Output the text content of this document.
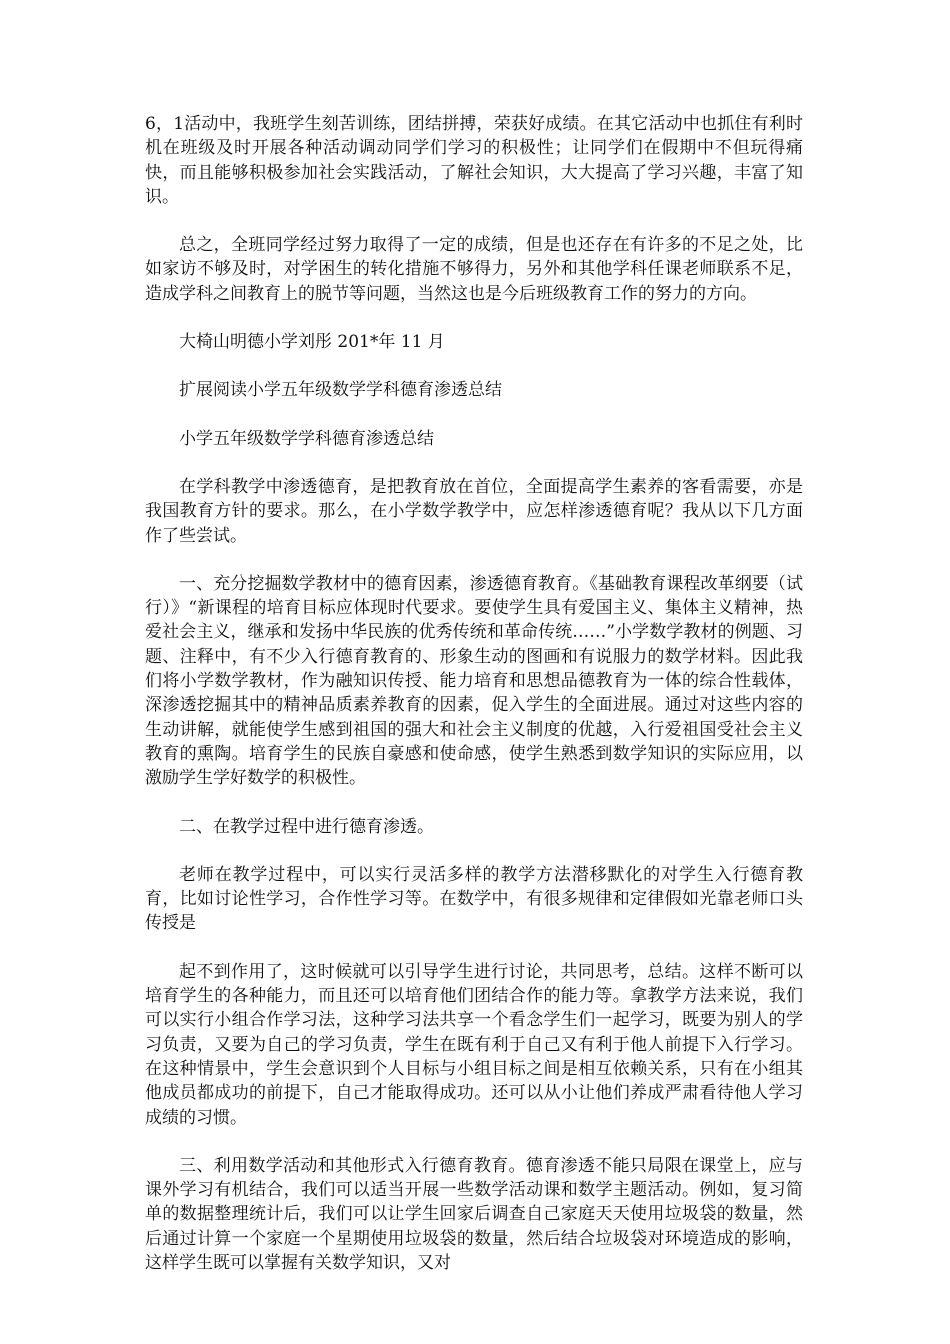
6，1活动中，我班学生刻苦训练，团结拼搏，荣获好成绩。在其它活动中也抓住有利时机在班级及时开展各种活动调动同学们学习的积极性；让同学们在假期中不但玩得痛快，而且能够积极参加社会实践活动，了解社会知识，大大提高了学习兴趣，丰富了知识。

总之，全班同学经过努力取得了一定的成绩，但是也还存在有许多的不足之处，比如家访不够及时，对学困生的转化措施不够得力，另外和其他学科任课老师联系不足，造成学科之间教育上的脱节等问题，当然这也是今后班级教育工作的努力的方向。

大椅山明德小学刘彤 201*年 11 月

扩展阅读小学五年级数学学科德育渗透总结

小学五年级数学学科德育渗透总结

在学科教学中渗透德育，是把教育放在首位，全面提高学生素养的客看需要，亦是我国教育方针的要求。那么，在小学数学教学中，应怎样渗透德育呢？我从以下几方面作了些尝试。

一、充分挖掘数学教材中的德育因素，渗透德育教育。《基础教育课程改革纲要（试行）》“新课程的培育目标应体现时代要求。要使学生具有爱国主义、集体主义精神，热爱社会主义，继承和发扬中华民族的优秀传统和革命传统……”小学数学教材的例题、习题、注释中，有不少入行德育教育的、形象生动的图画和有说服力的数学材料。因此我们将小学数学教材，作为融知识传授、能力培育和思想品德教育为一体的综合性载体，深渗透挖掘其中的精神品质素养教育的因素，促入学生的全面进展。通过对这些内容的生动讲解，就能使学生感到祖国的强大和社会主义制度的优越，入行爱祖国受社会主义教育的熏陶。培育学生的民族自豪感和使命感，使学生熟悉到数学知识的实际应用，以激励学生学好数学的积极性。

二、在教学过程中进行德育渗透。

老师在教学过程中，可以实行灵活多样的教学方法潜移默化的对学生入行德育教育，比如讨论性学习，合作性学习等。在数学中，有很多规律和定律假如光靠老师口头传授是

起不到作用了，这时候就可以引导学生进行讨论，共同思考，总结。这样不断可以培育学生的各种能力，而且还可以培育他们团结合作的能力等。拿教学方法来说，我们可以实行小组合作学习法，这种学习法共享一个看念学生们一起学习，既要为别人的学习负责，又要为自己的学习负责，学生在既有利于自己又有利于他人前提下入行学习。在这种情景中，学生会意识到个人目标与小组目标之间是相互依赖关系，只有在小组其他成员都成功的前提下，自己才能取得成功。还可以从小让他们养成严肃看待他人学习成绩的习惯。

三、利用数学活动和其他形式入行德育教育。德育渗透不能只局限在课堂上，应与课外学习有机结合，我们可以适当开展一些数学活动课和数学主题活动。例如，复习简单的数据整理统计后，我们可以让学生回家后调查自己家庭天天使用垃圾袋的数量，然后通过计算一个家庭一个星期使用垃圾袋的数量，然后结合垃圾袋对环境造成的影响，这样学生既可以掌握有关数学知识，又对
